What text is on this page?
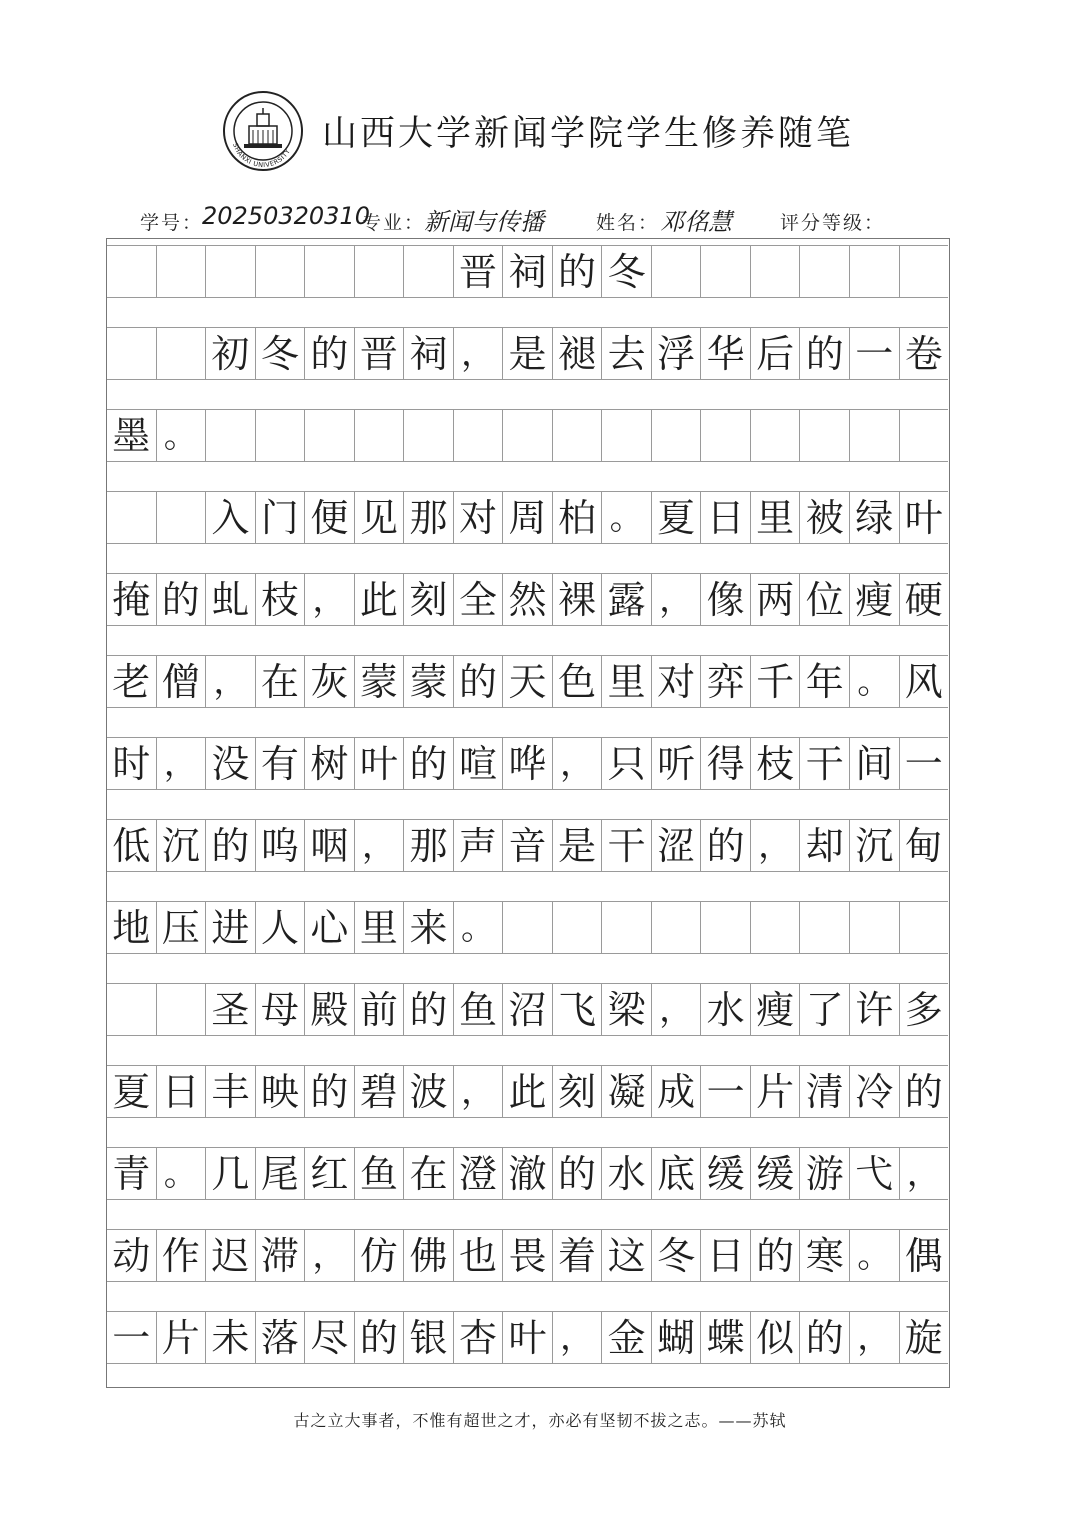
SHANXI UNIVERSITY 山西大学新闻学院学生修养随笔
学号：
20250320310
专业：
新闻与传播	姓名： 邓佲慧	评分等级：
晋 祠 的 冬
初 冬 的 晋 祠 ， 是 褪 去 浮 华 后 的 一 卷
墨 。
入 门 便 见 那 对 周 柏 。 夏 日 里 被 绿 叶
掩 的 虬 枝 ， 此 刻 全 然 裸 露 ， 像 两 位 瘦 硬
老 僧 ， 在 灰 蒙 蒙 的 天 色 里 对 弈 千 年 。 风
时 ， 没 有 树 叶 的 喧 哗 ， 只 听 得 枝 干 间 一
低 沉 的 呜 咽 ， 那 声 音 是 干 涩 的 ， 却 沉 甸
地 压 进 人 心 里 来 。
圣 母 殿 前 的 鱼 沼 飞 梁 ， 水 瘦 了 许 多
夏 日 丰 映 的 碧 波 ， 此 刻 凝 成 一 片 清 冷 的
青 。 几 尾 红 鱼 在 澄 澈 的 水 底 缓 缓 游 弋 ，
动 作 迟 滞 ， 仿 佛 也 畏 着 这 冬 日 的 寒 。 偶
一 片 未 落 尽 的 银 杏 叶 ， 金 蝴 蝶 似 的 ， 旋
古之立大事者，不惟有超世之才，亦必有坚韧不拔之志。——苏轼
